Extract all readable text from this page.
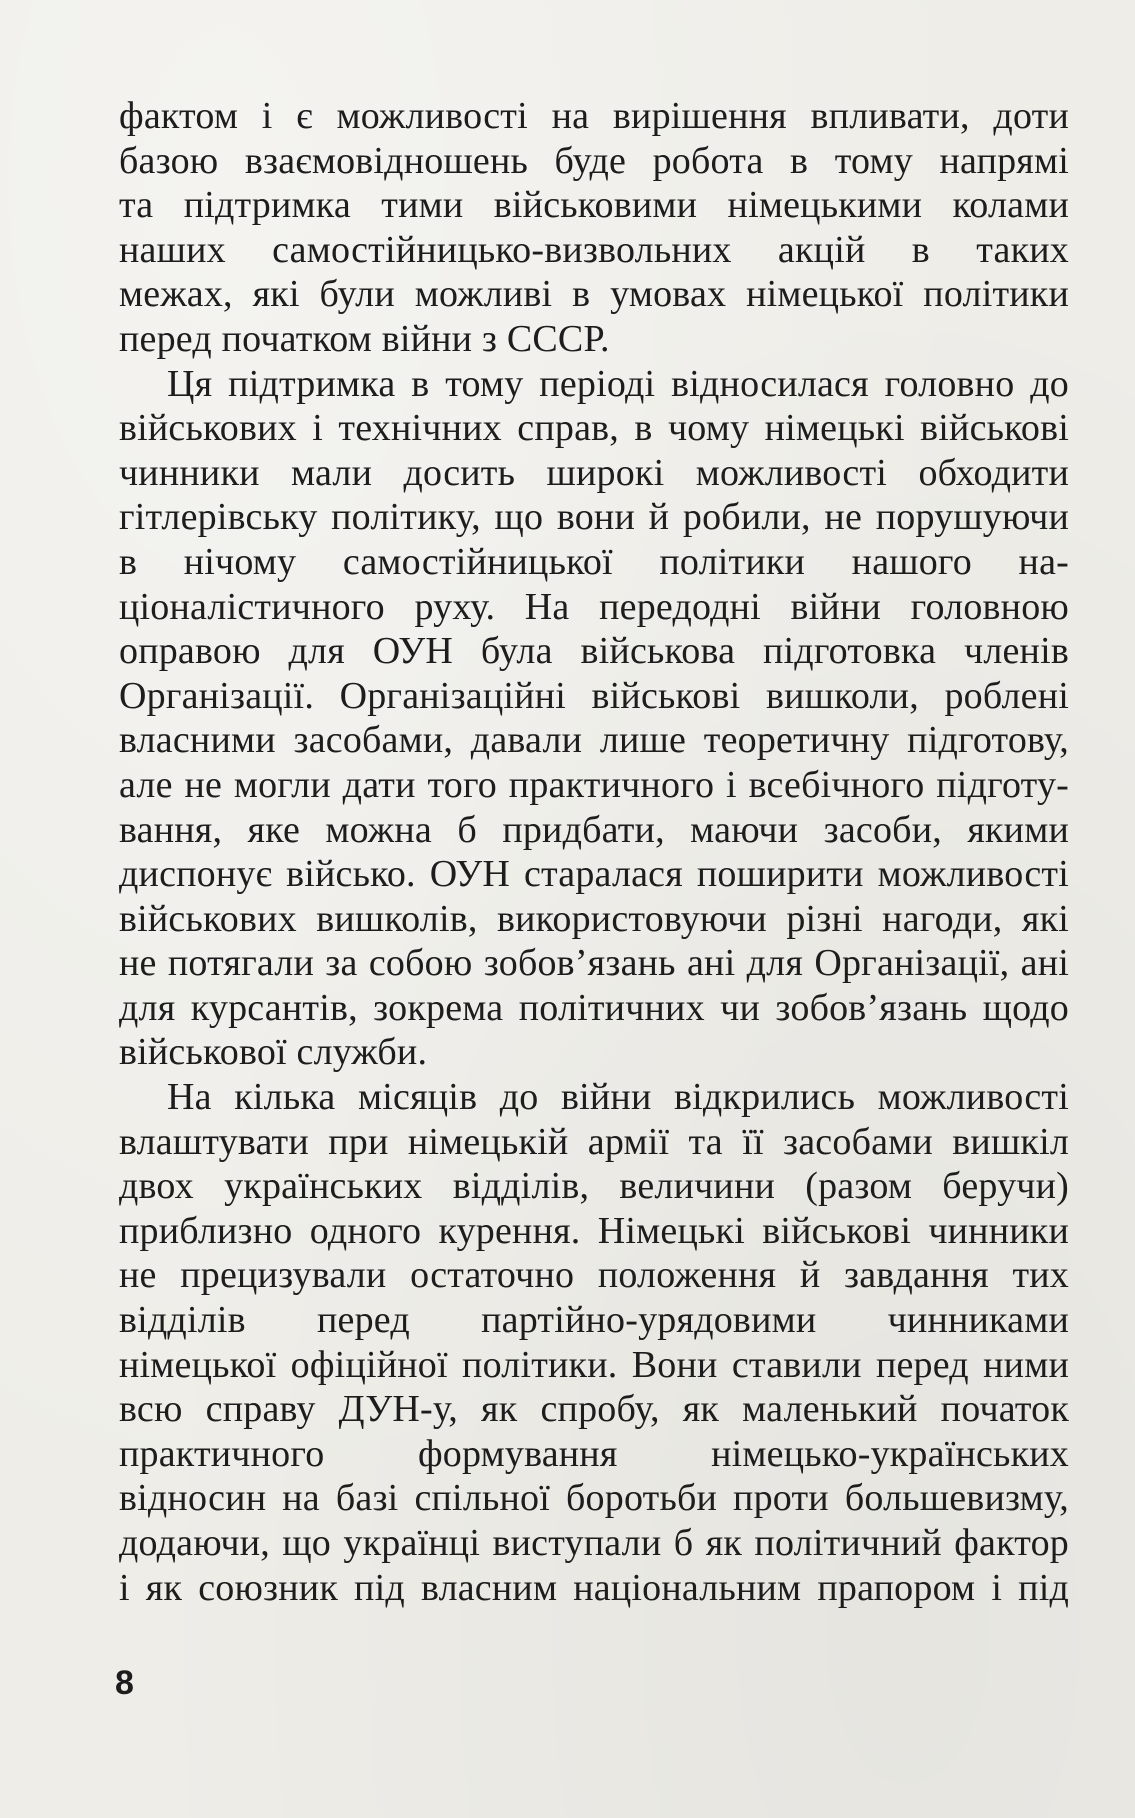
фактом і є можливості на вирішення впливати, доти
базою взаємовідношень буде робота в тому напрямі
та підтримка тими військовими німецькими колами
наших самостійницько-визвольних акцій в таких
межах, які були можливі в умовах німецької політики
перед початком війни з СССР.
Ця підтримка в тому періоді відносилася головно до
військових і технічних справ, в чому німецькі військові
чинники мали досить широкі можливості обходити
гітлерівську політику, що вони й робили, не порушуючи
в нічому самостійницької політики нашого на-
ціоналістичного руху. На передодні війни головною
оправою для ОУН була військова підготовка членів
Організації. Організаційні військові вишколи, роблені
власними засобами, давали лише теоретичну підготову,
але не могли дати того практичного і всебічного підготу-
вання, яке можна б придбати, маючи засоби, якими
диспонує військо. ОУН старалася поширити можливості
військових вишколів, використовуючи різні нагоди, які
не потягали за собою зобов’язань ані для Організації, ані
для курсантів, зокрема політичних чи зобов’язань щодо
військової служби.
На кілька місяців до війни відкрились можливості
влаштувати при німецькій армії та її засобами вишкіл
двох українських відділів, величини (разом беручи)
приблизно одного курення. Німецькі військові чинники
не прецизували остаточно положення й завдання тих
відділів перед партійно-урядовими чинниками
німецької офіційної політики. Вони ставили перед ними
всю справу ДУН-у, як спробу, як маленький початок
практичного формування німецько-українських
відносин на базі спільної боротьби проти большевизму,
додаючи, що українці виступали б як політичний фактор
і як союзник під власним національним прапором і під
8
